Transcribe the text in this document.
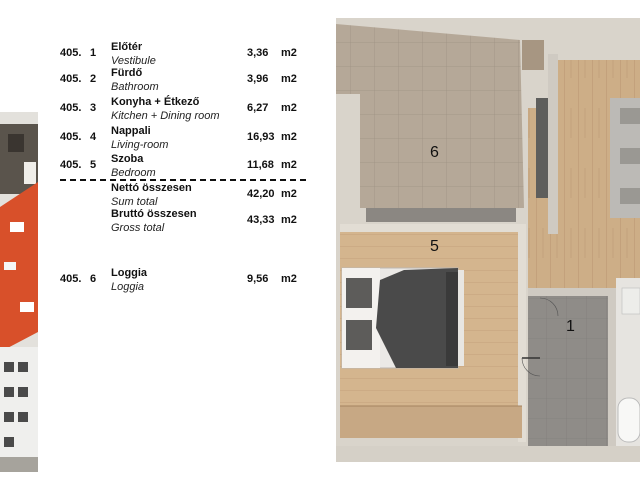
405. 1 Előtér
Vestibule
3,36 m2
405. 2 Fürdő
Bathroom
3,96 m2
405. 3 Konyha + Étkező
Kitchen + Dining room
6,27 m2
405. 4 Nappali
Living-room
16,93 m2
405. 5 Szoba
Bedroom
11,68 m2
Nettó összesen
Sum total
42,20 m2
Bruttó összesen
Gross total
43,33 m2
405. 6 Loggia
Loggia
9,56 m2
6
5
1
